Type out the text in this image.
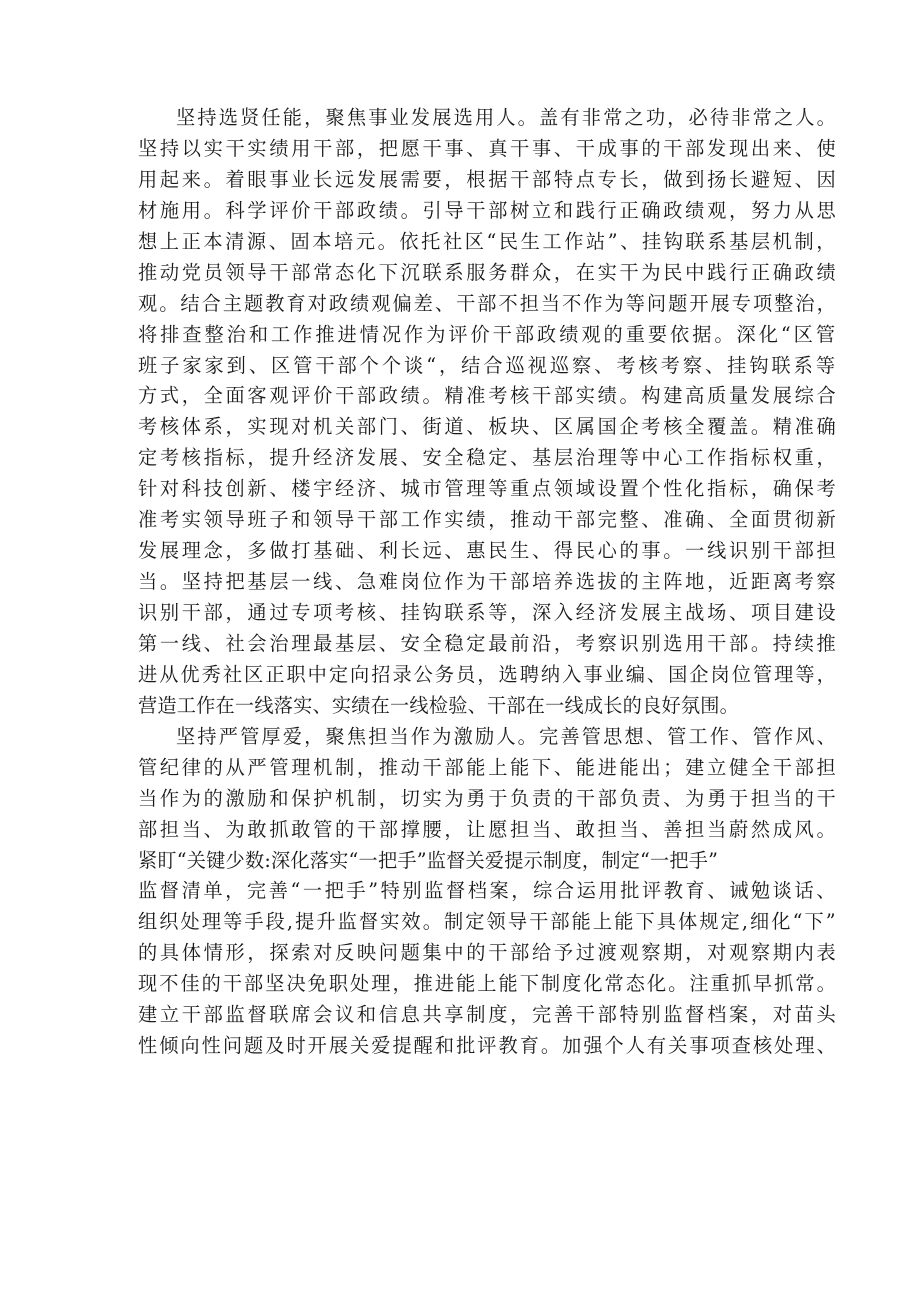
坚持选贤任能，聚焦事业发展选用人。盖有非常之功，必待非常之人。
坚持以实干实绩用干部，把愿干事、真干事、干成事的干部发现出来、使
用起来。着眼事业长远发展需要，根据干部特点专长，做到扬长避短、因
材施用。科学评价干部政绩。引导干部树立和践行正确政绩观，努力从思
想上正本清源、固本培元。依托社区“民生工作站”、挂钩联系基层机制，
推动党员领导干部常态化下沉联系服务群众，在实干为民中践行正确政绩
观。结合主题教育对政绩观偏差、干部不担当不作为等问题开展专项整治，
将排查整治和工作推进情况作为评价干部政绩观的重要依据。深化“区管
班子家家到、区管干部个个谈“，结合巡视巡察、考核考察、挂钩联系等
方式，全面客观评价干部政绩。精准考核干部实绩。构建高质量发展综合
考核体系，实现对机关部门、街道、板块、区属国企考核全覆盖。精准确
定考核指标，提升经济发展、安全稳定、基层治理等中心工作指标权重，
针对科技创新、楼宇经济、城市管理等重点领域设置个性化指标，确保考
准考实领导班子和领导干部工作实绩，推动干部完整、准确、全面贯彻新
发展理念，多做打基础、利长远、惠民生、得民心的事。一线识别干部担
当。坚持把基层一线、急难岗位作为干部培养选拔的主阵地，近距离考察
识别干部，通过专项考核、挂钩联系等，深入经济发展主战场、项目建设
第一线、社会治理最基层、安全稳定最前沿，考察识别选用干部。持续推
进从优秀社区正职中定向招录公务员，选聘纳入事业编、国企岗位管理等，
营造工作在一线落实、实绩在一线检验、干部在一线成长的良好氛围。
坚持严管厚爱，聚焦担当作为激励人。完善管思想、管工作、管作风、
管纪律的从严管理机制，推动干部能上能下、能进能出；建立健全干部担
当作为的激励和保护机制，切实为勇于负责的干部负责、为勇于担当的干
部担当、为敢抓敢管的干部撑腰，让愿担当、敢担当、善担当蔚然成风。
紧盯“关键少数:深化落实“一把手”监督关爱提示制度，制定“一把手”
监督清单，完善“一把手”特别监督档案，综合运用批评教育、诫勉谈话、
组织处理等手段,提升监督实效。制定领导干部能上能下具体规定,细化“下”
的具体情形，探索对反映问题集中的干部给予过渡观察期，对观察期内表
现不佳的干部坚决免职处理，推进能上能下制度化常态化。注重抓早抓常。
建立干部监督联席会议和信息共享制度，完善干部特别监督档案，对苗头
性倾向性问题及时开展关爱提醒和批评教育。加强个人有关事项查核处理、
